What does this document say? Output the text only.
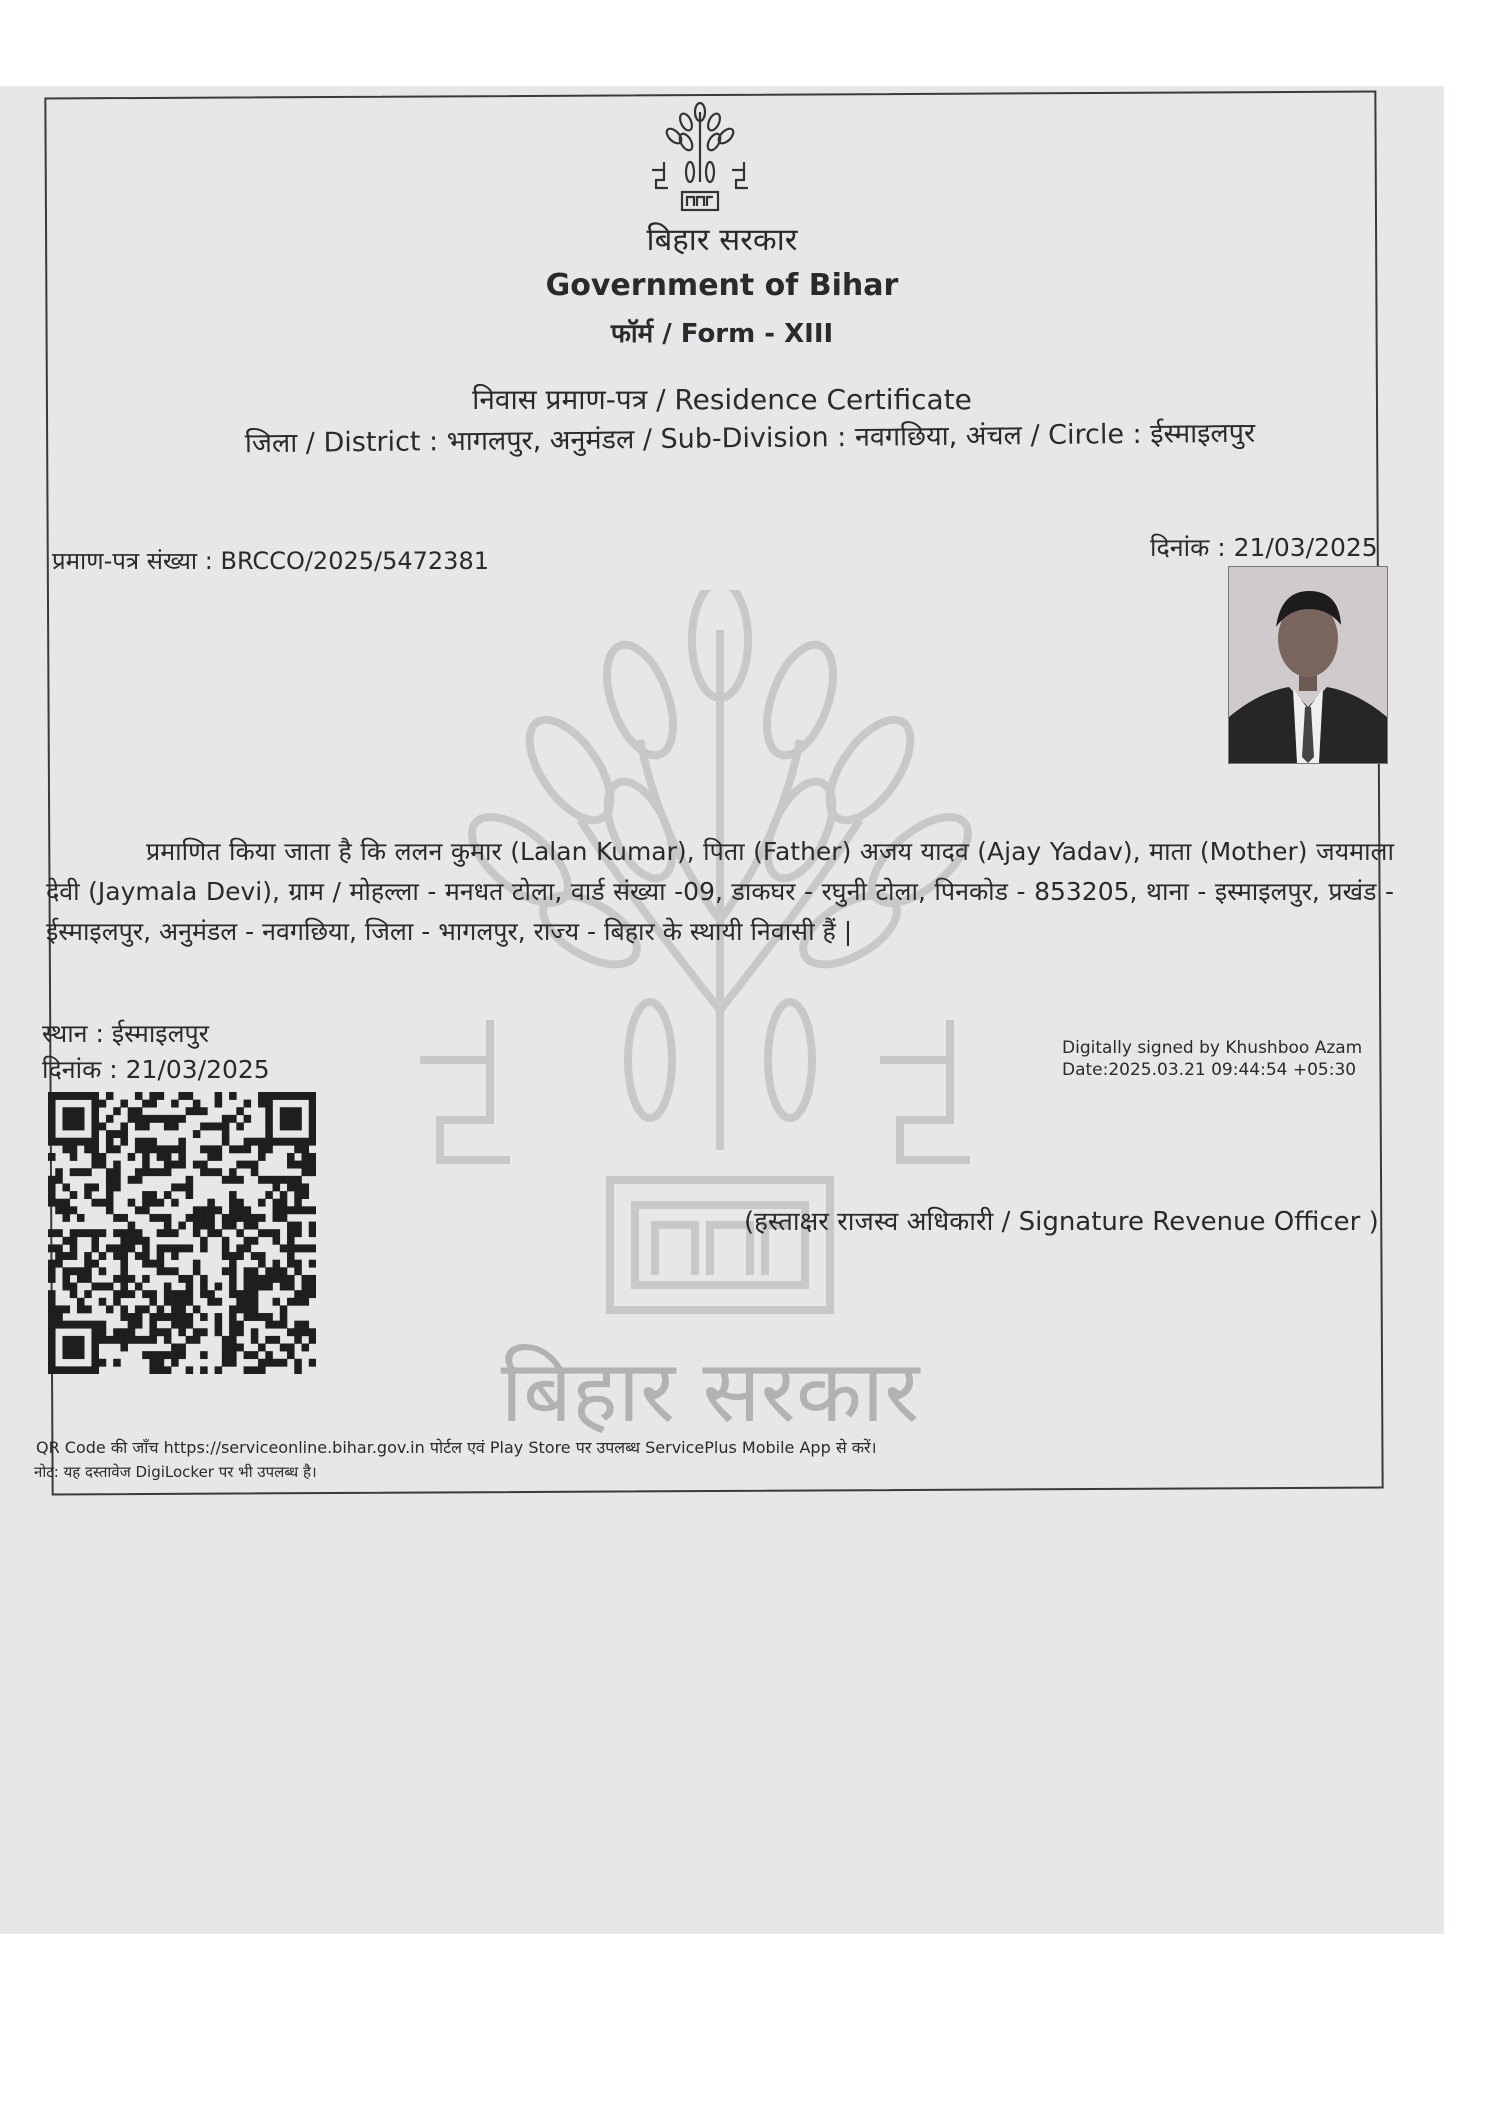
बिहार सरकार
बिहार सरकार
Government of Bihar
फॉर्म / Form - XIII
निवास प्रमाण-पत्र / Residence Certificate
जिला / District : भागलपुर, अनुमंडल / Sub-Division : नवगछिया, अंचल / Circle : ईस्माइलपुर
प्रमाण-पत्र संख्या : BRCCO/2025/5472381	दिनांक : 21/03/2025
प्रमाणित किया जाता है कि ललन कुमार (Lalan Kumar), पिता (Father) अजय यादव (Ajay Yadav), माता (Mother) जयमाला देवी (Jaymala Devi), ग्राम / मोहल्ला - मनधत टोला, वार्ड संख्या -09, डाकघर - रघुनी टोला, पिनकोड - 853205, थाना - इस्माइलपुर, प्रखंड - ईस्माइलपुर, अनुमंडल - नवगछिया, जिला - भागलपुर, राज्य - बिहार के स्थायी निवासी हैं |
स्थान : ईस्माइलपुर
दिनांक : 21/03/2025
Digitally signed by Khushboo Azam
Date:2025.03.21 09:44:54 +05:30
(हस्ताक्षर राजस्व अधिकारी / Signature Revenue Officer )
QR Code की जाँच https://serviceonline.bihar.gov.in पोर्टल एवं Play Store पर उपलब्ध ServicePlus Mobile App से करें।
नोट: यह दस्तावेज DigiLocker पर भी उपलब्ध है।
